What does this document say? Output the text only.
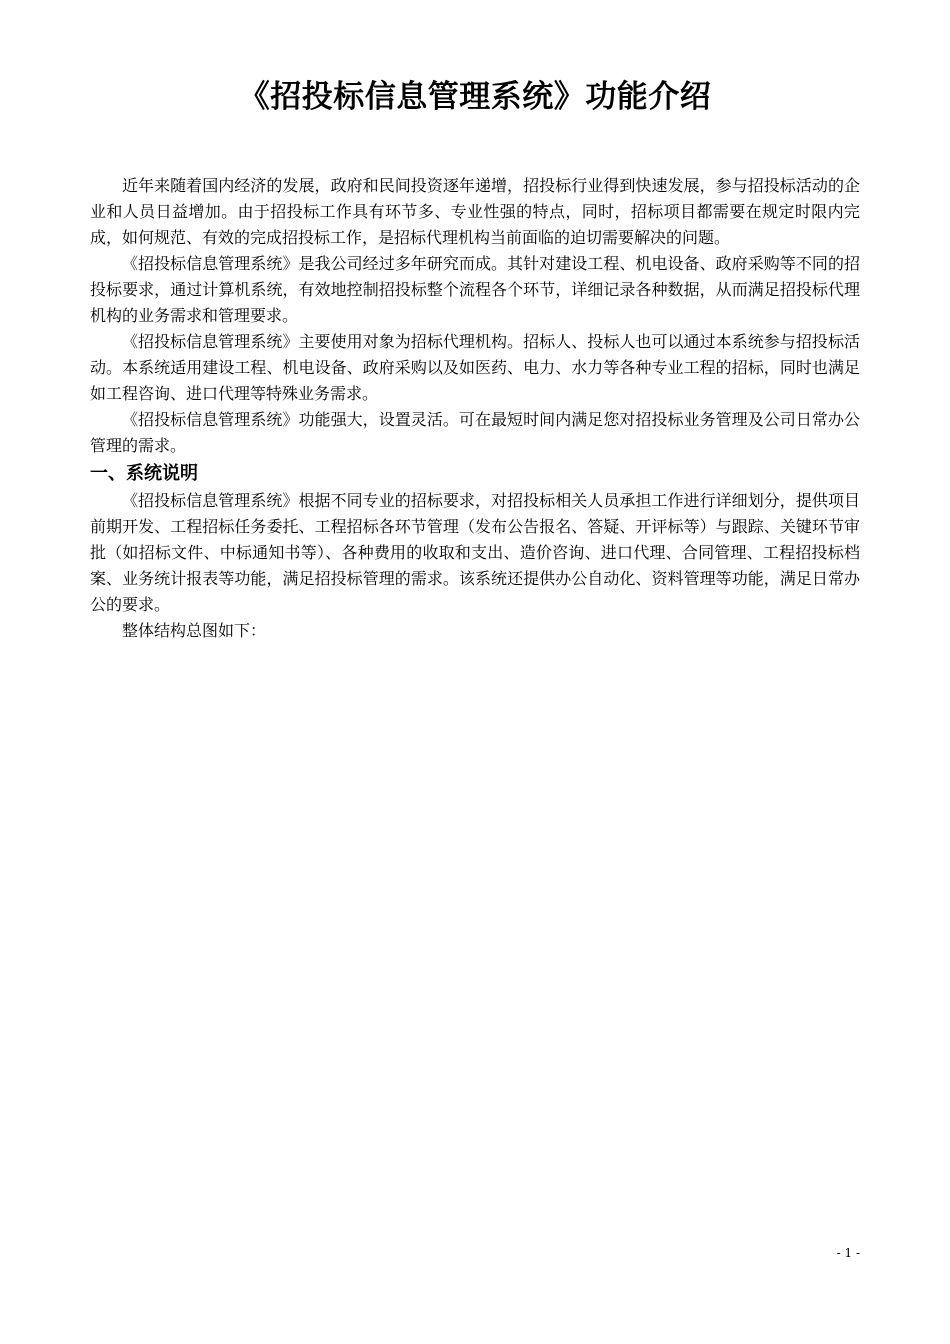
《招投标信息管理系统》功能介绍

近年来随着国内经济的发展，政府和民间投资逐年递增，招投标行业得到快速发展，参与招投标活动的企业和人员日益增加。由于招投标工作具有环节多、专业性强的特点，同时，招标项目都需要在规定时限内完成，如何规范、有效的完成招投标工作，是招标代理机构当前面临的迫切需要解决的问题。

《招投标信息管理系统》是我公司经过多年研究而成。其针对建设工程、机电设备、政府采购等不同的招投标要求，通过计算机系统，有效地控制招投标整个流程各个环节，详细记录各种数据，从而满足招投标代理机构的业务需求和管理要求。

《招投标信息管理系统》主要使用对象为招标代理机构。招标人、投标人也可以通过本系统参与招投标活动。本系统适用建设工程、机电设备、政府采购以及如医药、电力、水力等各种专业工程的招标，同时也满足如工程咨询、进口代理等特殊业务需求。

《招投标信息管理系统》功能强大，设置灵活。可在最短时间内满足您对招投标业务管理及公司日常办公管理的需求。

一、系统说明

《招投标信息管理系统》根据不同专业的招标要求，对招投标相关人员承担工作进行详细划分，提供项目前期开发、工程招标任务委托、工程招标各环节管理（发布公告报名、答疑、开评标等）与跟踪、关键环节审批（如招标文件、中标通知书等）、各种费用的收取和支出、造价咨询、进口代理、合同管理、工程招投标档案、业务统计报表等功能，满足招投标管理的需求。该系统还提供办公自动化、资料管理等功能，满足日常办公的要求。

整体结构总图如下：

- 1 -
